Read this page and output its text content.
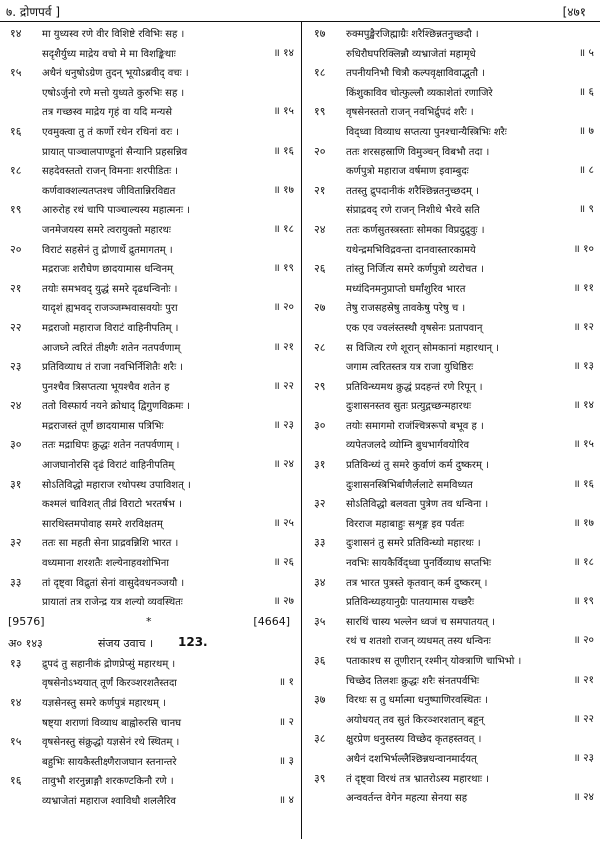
७. द्रोणपर्व ]	[४७१
१४ मा युध्यस्व रणे वीर विशिष्टे रविभिः सह ।
सदृशैर्युध्य माद्रेय वचो मे मा विशङ्किथाः	॥ १४
१५ अथैनं धनुषोऽग्रेण तुदन् भूयोऽब्रवीद् वचः ।
एषोऽर्जुनो रणे मत्तो युध्यते कुरुभिः सह ।
तत्र गच्छस्व माद्रेय गृहं वा यदि मन्यसे	॥ १५
१६ एवमुक्त्वा तु तं कर्णो रथेन रथिनां वरः ।
प्रायात् पाञ्चालपाण्डूनां सैन्यानि प्रहसन्निव	॥ १६
१८ सहदेवस्ततो राजन् विमनाः शरपीडितः ।
कर्णवाक्शल्यतप्तश्च जीवितान्निरविद्यत	॥ १७
१९ आरुरोह रथं चापि पाञ्चाल्यस्य महात्मनः ।
जनमेजयस्य समरे त्वरायुक्तो महारथः	॥ १८
२० विराटं सहसेनं तु द्रोणार्थे द्रुतमागतम् ।
मद्रराजः शरौघेण छादयामास धन्विनम्	॥ १९
२१ तयोः समभवद् युद्धं समरे दृढधन्विनोः ।
यादृशं ह्यभवद् राजञ्जम्भवासवयोः पुरा	॥ २०
२२ मद्रराजो महाराज विराटं वाहिनीपतिम् ।
आजघ्ने त्वरितं तीक्ष्णैः शतेन नतपर्वणाम्	॥ २१
२३ प्रतिविव्याध तं राजा नवभिर्निशितैः शरैः ।
पुनश्चैव त्रिसप्तत्या भूयश्चैव शतेन ह	॥ २२
२४ ततो विस्फार्य नयने क्रोधाद् द्विगुणविक्रमः ।
मद्रराजस्तं तूर्णं छादयामास पत्रिभिः	॥ २३
३० ततः मद्राधिपः क्रुद्धः शतेन नतपर्वणाम् ।
आजघानोरसि दृढं विराटं वाहिनीपतिम्	॥ २४
३१ सोऽतिविद्धो महाराज रथोपस्थ उपाविशत् ।
कश्मलं चाविशत् तीव्रं विराटो भरतर्षभ ।
सारथिस्तमपोवाह समरे शरविक्षतम्	॥ २५
३२ ततः सा महती सेना प्राद्रवन्निशि भारत ।
वध्यमाना शरशतैः शल्येनाहवशोभिना	॥ २६
३३ तां दृष्ट्वा विद्रुतां सेनां वासुदेवधनञ्जयौ ।
प्रायातां तत्र राजेन्द्र यत्र शल्यो व्यवस्थितः	॥ २७
[9576]	*	[4664]
अ० १४३	संजय उवाच । 123.
१३ द्रुपदं तु सहानीकं द्रोणप्रेप्सुं महारथम् ।
वृषसेनोऽभ्ययात् तूर्णं किरञ्शरशतैस्तदा	॥ १
१४ यज्ञसेनस्तु समरे कर्णपुत्रं महारथम् ।
षष्ट्या शराणां विव्याध बाह्वोरुरसि चानघ	॥ २
१५ वृषसेनस्तु संक्रुद्धो यज्ञसेनं रथे स्थितम् ।
बहुभिः सायकैस्तीक्ष्णैराजघान स्तनान्तरे	॥ ३
१६ तावुभौ शरनुन्नाङ्गौ शरकण्टकिनौ रणे ।
व्यभ्राजेतां महाराज श्वाविधौ शललैरिव	॥ ४
१७ रुक्मपुङ्खैरजिह्माग्रैः शरैश्छिन्नतनुच्छदौ ।
रुधिरौघपरिक्लिन्नौ व्यभ्राजेतां महामृधे	॥ ५
१८ तपनीयनिभौ चित्रौ कल्पवृक्षाविवाद्भुतौ ।
किंशुकाविव चोत्फुल्लौ व्यकाशेतां रणाजिरे	॥ ६
१९ वृषसेनस्ततो राजन् नवभिर्द्रुपदं शरैः ।
विद्ध्वा विव्याध सप्तत्या पुनश्चान्यैस्त्रिभिः शरैः	॥ ७
२० ततः शरसहस्राणि विमुञ्चन् विबभौ तदा ।
कर्णपुत्रो महाराज वर्षमाण इवाम्बुदः	॥ ८
२१ ततस्तु द्रुपदानीकं शरैश्छिन्नतनुच्छदम् ।
संप्राद्रवद् रणे राजन् निशीथे भैरवे सति	॥ ९
२४ ततः कर्णसुतस्त्रस्ताः सोमका विप्रदुद्रुवुः ।
यथेन्द्रमभिविद्रवन्ता दानवास्तारकामये	॥ १०
२६ तांस्तु निर्जित्य समरे कर्णपुत्रो व्यरोचत ।
मध्यंदिनमनुप्राप्तो घर्मांशुरिव भारत	॥ ११
२७ तेषु राजसहस्रेषु तावकेषु परेषु च ।
एक एव ज्वलंस्तस्थौ वृषसेनः प्रतापवान्	॥ १२
२८ स विजित्य रणे शूरान् सोमकानां महारथान् ।
जगाम त्वरितस्तत्र यत्र राजा युधिष्ठिरः	॥ १३
२९ प्रतिविन्ध्यमथ क्रुद्धं प्रदहन्तं रणे रिपून् ।
दुःशासनस्तव सुतः प्रत्युद्गच्छन्महारथः	॥ १४
३० तयोः समागमो राजंश्चित्ररूपो बभूव ह ।
व्यपेतजलदे व्योम्नि बुधभार्गवयोरिव	॥ १५
३१ प्रतिविन्ध्यं तु समरे कुर्वाणं कर्म दुष्करम् ।
दुःशासनस्त्रिभिर्बाणैर्ललाटे समविध्यत	॥ १६
३२ सोऽतिविद्धो बलवता पुत्रेण तव धन्विना ।
विरराज महाबाहुः सशृङ्ग इव पर्वतः	॥ १७
३३ दुःशासनं तु समरे प्रतिविन्ध्यो महारथः ।
नवभिः सायकैर्विद्ध्वा पुनर्विव्याध सप्तभिः	॥ १८
३४ तत्र भारत पुत्रस्ते कृतवान् कर्म दुष्करम् ।
प्रतिविन्ध्यहयानुग्रैः पातयामास यच्छरैः	॥ १९
३५ सारथिं चास्य भल्लेन ध्वजं च समपातयत् ।
रथं च शतशो राजन् व्यधमत् तस्य धन्विनः	॥ २०
३६ पताकाश्च स तूणीरान् रश्मीन् योक्त्राणि चाभिभो ।
चिच्छेद तिलशः क्रुद्धः शरैः संनतपर्वभिः	॥ २१
३७ विरथः स तु धर्मात्मा धनुष्पाणिरवस्थितः ।
अयोधयत् तव सुतं किरञ्शरशतान् बहून्	॥ २२
३८ क्षुरप्रेण धनुस्तस्य विच्छेद कृतहस्तवत् ।
अथैनं दशभिर्भल्लैश्छिन्नधन्वानमार्दयत्	॥ २३
३९ तं दृष्ट्वा विरथं तत्र भ्रातरोऽस्य महारथाः ।
अन्ववर्तन्त वेगेन महत्या सेनया सह	॥ २४
